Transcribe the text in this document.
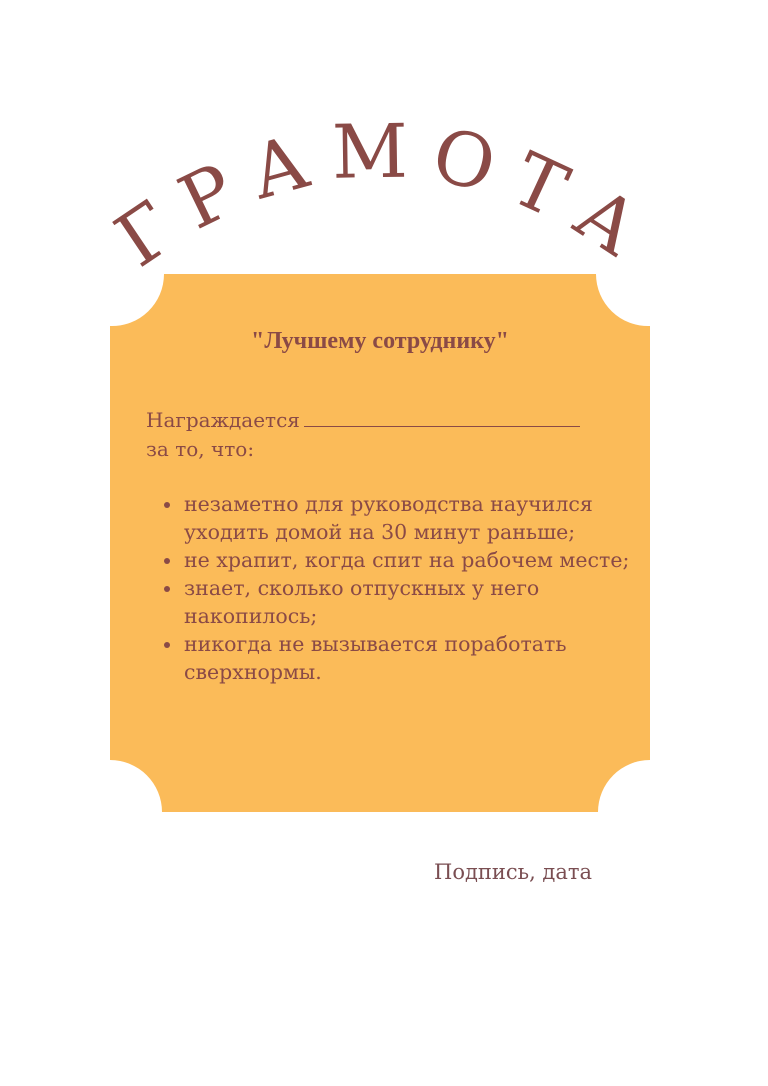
ГРАМОТА
"Лучшему сотруднику"
Награждается
за то, что:
незаметно для руководства научился уходить домой на 30 минут раньше;
не храпит, когда спит на рабочем месте;
знает, сколько отпускных у него накопилось;
никогда не вызывается поработать сверхнормы.
Подпись, дата
